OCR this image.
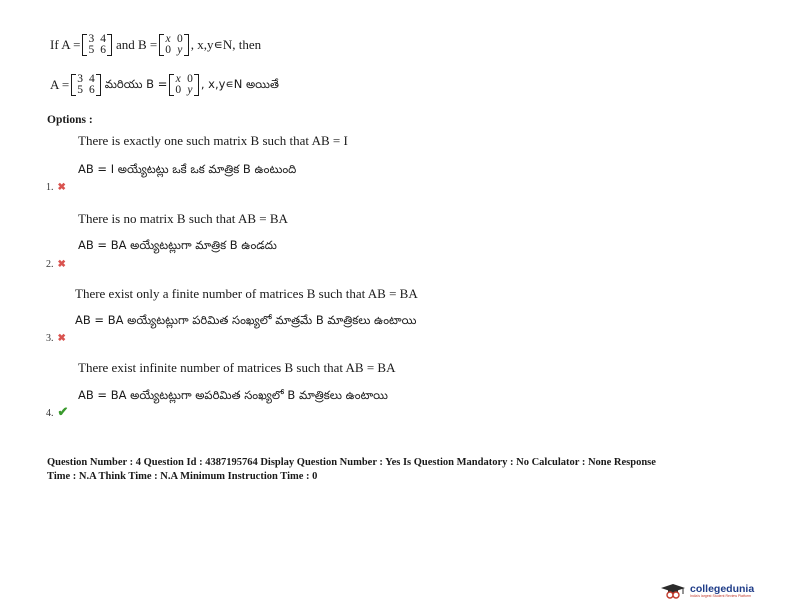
If A = 3	4
5	6 and B = x	0
0	y , x,y∊N, then
A = 3	4
5	6 మరియు B = x	0
0	y , x,y∊N అయితే
Options :
There is exactly one such matrix B such that AB = I
AB = I అయ్యేటట్లు ఒకే ఒక మాత్రిక B ఉంటుంది
1. ✖
There is no matrix B such that AB = BA
AB = BA అయ్యేటట్లుగా మాత్రిక B ఉండదు
2. ✖
There exist only a finite number of matrices B such that AB = BA
AB = BA అయ్యేటట్లుగా పరిమిత సంఖ్యలో మాత్రమే B మాత్రికలు ఉంటాయి
3. ✖
There exist infinite number of matrices B such that AB = BA
AB = BA అయ్యేటట్లుగా అపరిమిత సంఖ్యలో B మాత్రికలు ఉంటాయి
4. ✔
Question Number : 4 Question Id : 4387195764 Display Question Number : Yes Is Question Mandatory : No Calculator : None Response
Time : N.A Think Time : N.A Minimum Instruction Time : 0
collegedunia
India's largest Student Review Platform
